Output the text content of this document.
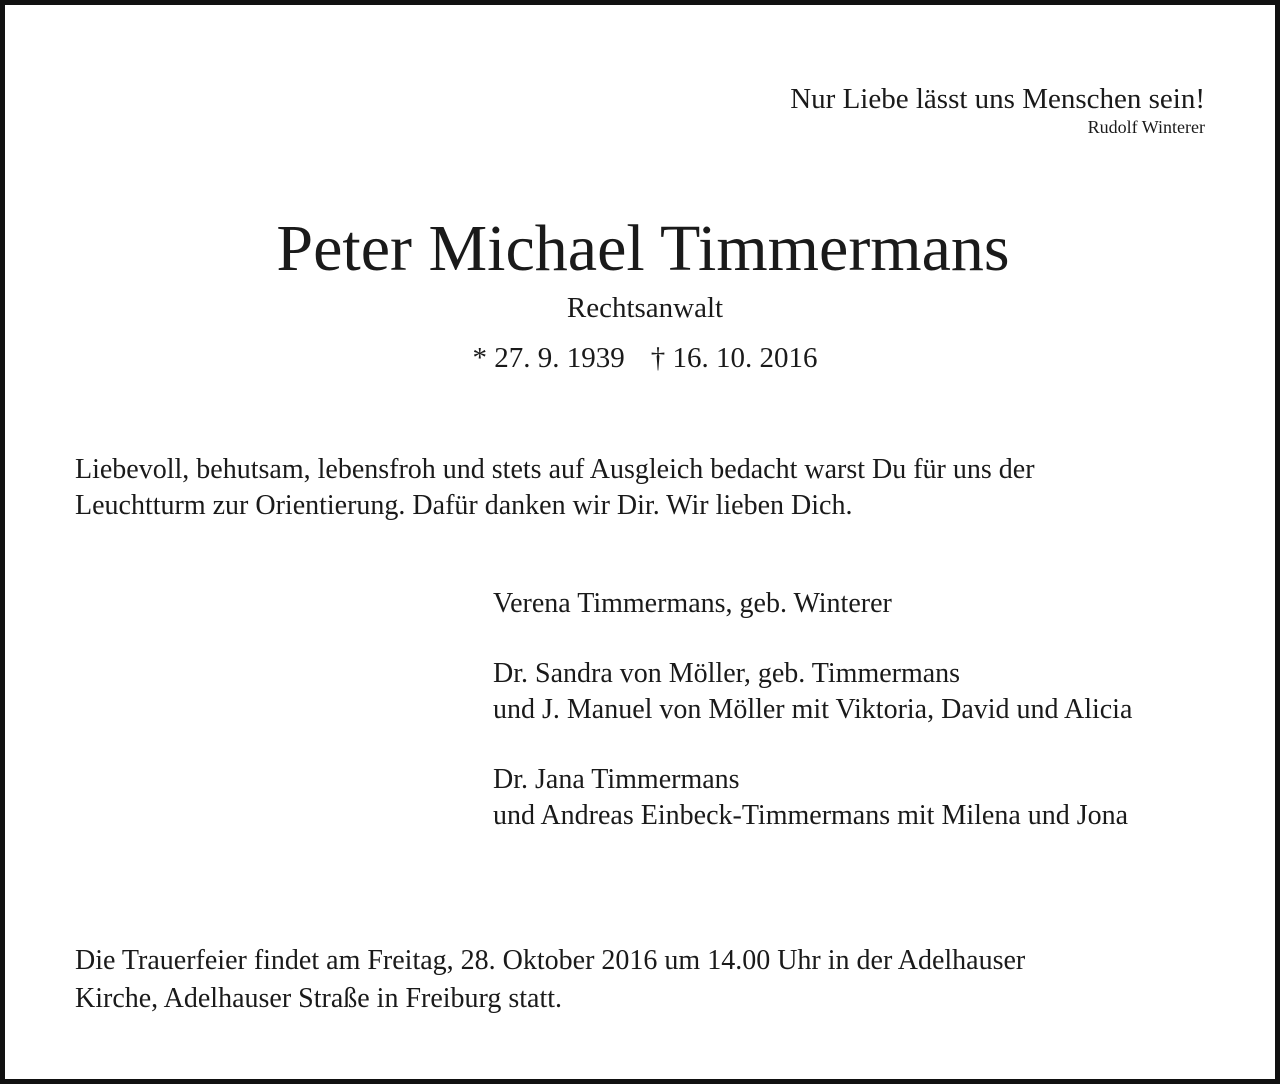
Nur Liebe lässt uns Menschen sein!
Rudolf Winterer
Peter Michael Timmermans
Rechtsanwalt
* 27. 9. 1939 † 16. 10. 2016

Liebevoll, behutsam, lebensfroh und stets auf Ausgleich bedacht warst Du für uns der

Leuchtturm zur Orientierung. Dafür danken wir Dir. Wir lieben Dich.

Verena Timmermans, geb. Winterer

Dr. Sandra von Möller, geb. Timmermans

und J. Manuel von Möller mit Viktoria, David und Alicia

Dr. Jana Timmermans

und Andreas Einbeck-Timmermans mit Milena und Jona

Die Trauerfeier findet am Freitag, 28. Oktober 2016 um 14.00 Uhr in der Adelhauser

Kirche, Adelhauser Straße in Freiburg statt.
